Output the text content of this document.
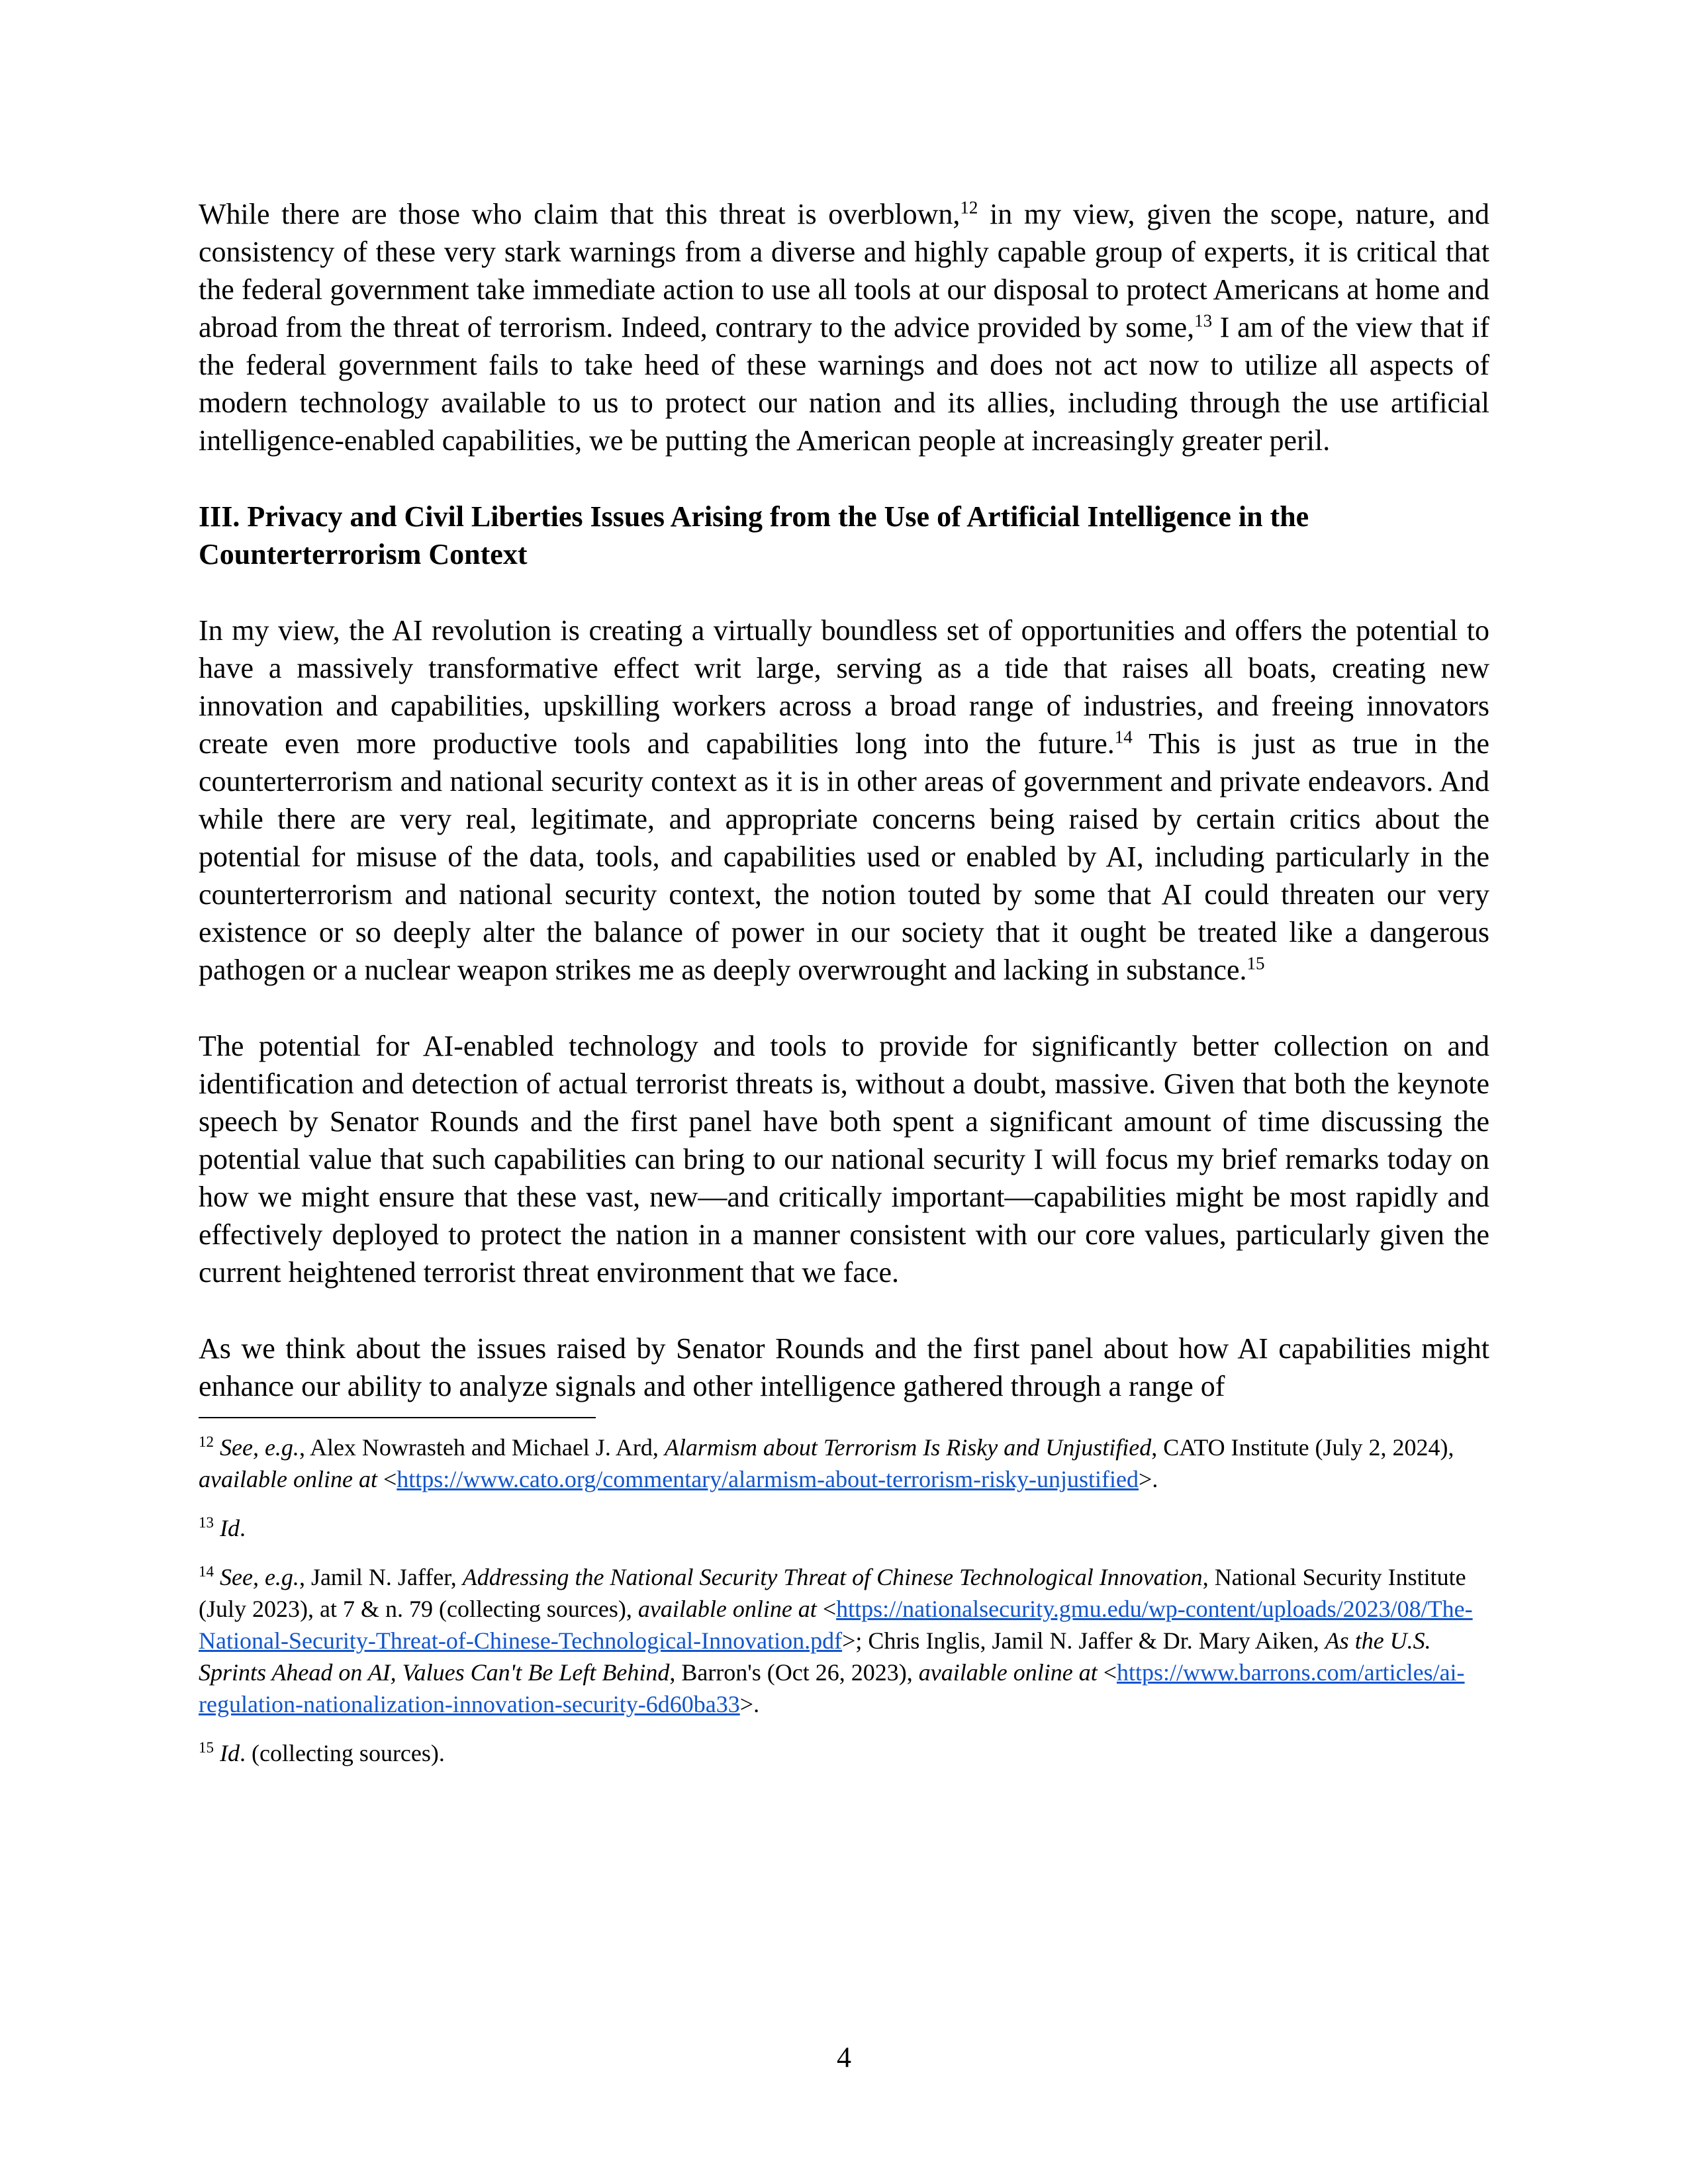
While there are those who claim that this threat is overblown,$^{12}$ in my view, given the scope, nature, and consistency of these very stark warnings from a diverse and highly capable group of experts, it is critical that the federal government take immediate action to use all tools at our disposal to protect Americans at home and abroad from the threat of terrorism. Indeed, contrary to the advice provided by some,$^{13}$ I am of the view that if the federal government fails to take heed of these warnings and does not act now to utilize all aspects of modern technology available to us to protect our nation and its allies, including through the use artificial intelligence-enabled capabilities, we be putting the American people at increasingly greater peril.

III. Privacy and Civil Liberties Issues Arising from the Use of Artificial Intelligence in the Counterterrorism Context

In my view, the AI revolution is creating a virtually boundless set of opportunities and offers the potential to have a massively transformative effect writ large, serving as a tide that raises all boats, creating new innovation and capabilities, upskilling workers across a broad range of industries, and freeing innovators create even more productive tools and capabilities long into the future.$^{14}$ This is just as true in the counterterrorism and national security context as it is in other areas of government and private endeavors. And while there are very real, legitimate, and appropriate concerns being raised by certain critics about the potential for misuse of the data, tools, and capabilities used or enabled by AI, including particularly in the counterterrorism and national security context, the notion touted by some that AI could threaten our very existence or so deeply alter the balance of power in our society that it ought be treated like a dangerous pathogen or a nuclear weapon strikes me as deeply overwrought and lacking in substance.$^{15}$

The potential for AI-enabled technology and tools to provide for significantly better collection on and identification and detection of actual terrorist threats is, without a doubt, massive. Given that both the keynote speech by Senator Rounds and the first panel have both spent a significant amount of time discussing the potential value that such capabilities can bring to our national security I will focus my brief remarks today on how we might ensure that these vast, new—and critically important—capabilities might be most rapidly and effectively deployed to protect the nation in a manner consistent with our core values, particularly given the current heightened terrorist threat environment that we face.

As we think about the issues raised by Senator Rounds and the first panel about how AI capabilities might enhance our ability to analyze signals and other intelligence gathered through a range of

$^{12}$ See, e.g., Alex Nowrasteh and Michael J. Ard, Alarmism about Terrorism Is Risky and Unjustified, CATO Institute (July 2, 2024), available online at <https://www.cato.org/commentary/alarmism-about-terrorism-risky-unjustified>.

$^{13}$ Id.

$^{14}$ See, e.g., Jamil N. Jaffer, Addressing the National Security Threat of Chinese Technological Innovation, National Security Institute (July 2023), at 7 & n. 79 (collecting sources), available online at <https://nationalsecurity.gmu.edu/wp-content/uploads/2023/08/The-National-Security-Threat-of-Chinese-Technological-Innovation.pdf>; Chris Inglis, Jamil N. Jaffer & Dr. Mary Aiken, As the U.S. Sprints Ahead on AI, Values Can't Be Left Behind, Barron's (Oct 26, 2023), available online at <https://www.barrons.com/articles/ai-regulation-nationalization-innovation-security-6d60ba33>.

$^{15}$ Id. (collecting sources).

4
